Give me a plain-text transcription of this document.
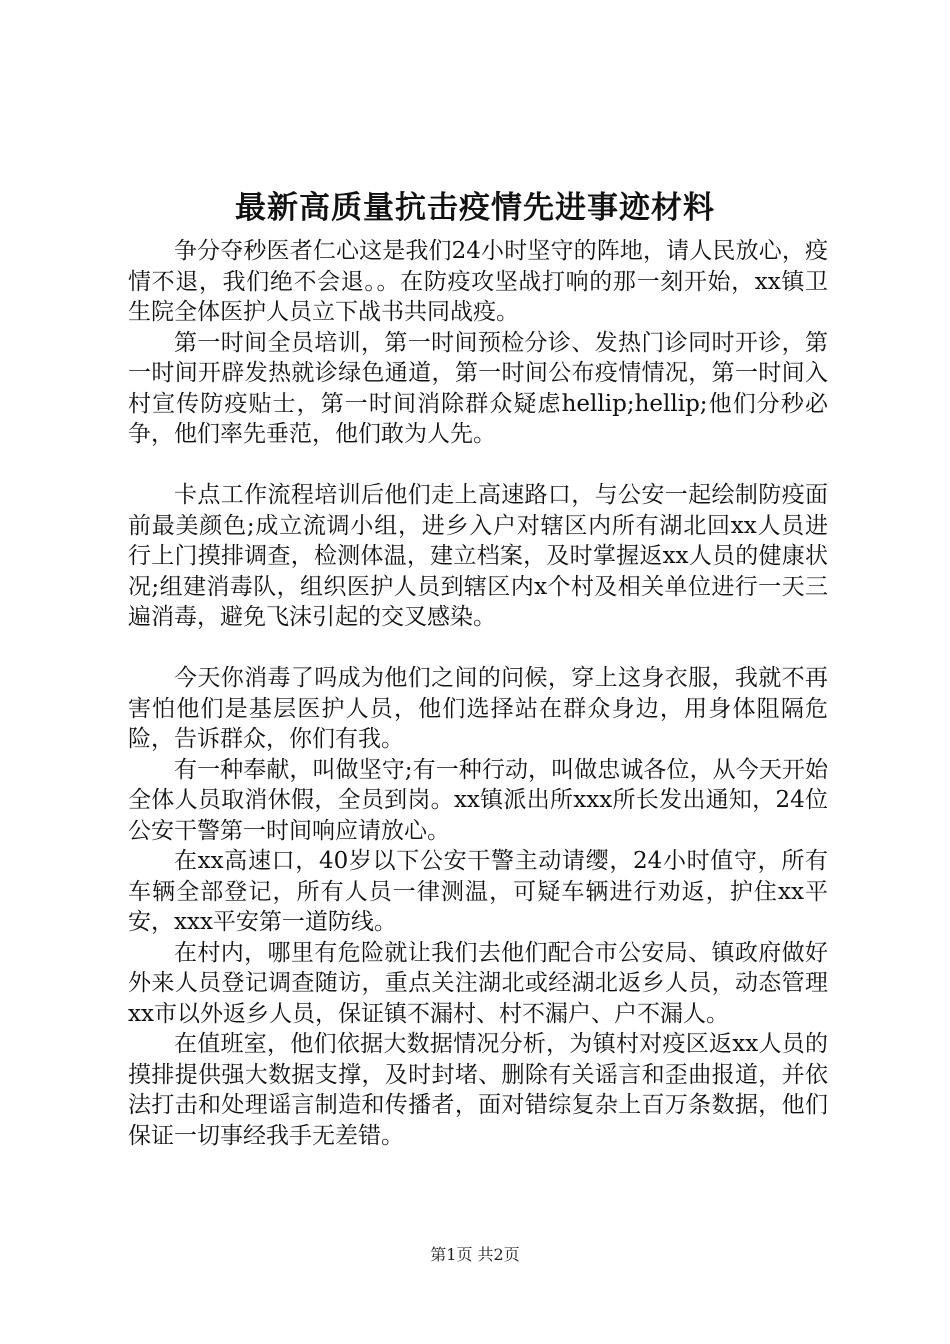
最新高质量抗击疫情先进事迹材料

争分夺秒医者仁心这是我们24小时坚守的阵地，请人民放心，疫情不退，我们绝不会退。。在防疫攻坚战打响的那一刻开始，xx镇卫生院全体医护人员立下战书共同战疫。

第一时间全员培训，第一时间预检分诊、发热门诊同时开诊，第一时间开辟发热就诊绿色通道，第一时间公布疫情情况，第一时间入村宣传防疫贴士，第一时间消除群众疑虑hellip;hellip;他们分秒必争，他们率先垂范，他们敢为人先。

卡点工作流程培训后他们走上高速路口，与公安一起绘制防疫面前最美颜色;成立流调小组，进乡入户对辖区内所有湖北回xx人员进行上门摸排调查，检测体温，建立档案，及时掌握返xx人员的健康状况;组建消毒队，组织医护人员到辖区内x个村及相关单位进行一天三遍消毒，避免飞沫引起的交叉感染。

今天你消毒了吗成为他们之间的问候，穿上这身衣服，我就不再害怕他们是基层医护人员，他们选择站在群众身边，用身体阻隔危险，告诉群众，你们有我。

有一种奉献，叫做坚守;有一种行动，叫做忠诚各位，从今天开始全体人员取消休假，全员到岗。xx镇派出所xxx所长发出通知，24位公安干警第一时间响应请放心。

在xx高速口，40岁以下公安干警主动请缨，24小时值守，所有车辆全部登记，所有人员一律测温，可疑车辆进行劝返，护住xx平安，xxx平安第一道防线。

在村内，哪里有危险就让我们去他们配合市公安局、镇政府做好外来人员登记调查随访，重点关注湖北或经湖北返乡人员，动态管理xx市以外返乡人员，保证镇不漏村、村不漏户、户不漏人。

在值班室，他们依据大数据情况分析，为镇村对疫区返xx人员的摸排提供强大数据支撑，及时封堵、删除有关谣言和歪曲报道，并依法打击和处理谣言制造和传播者，面对错综复杂上百万条数据，他们保证一切事经我手无差错。

第1页 共2页
